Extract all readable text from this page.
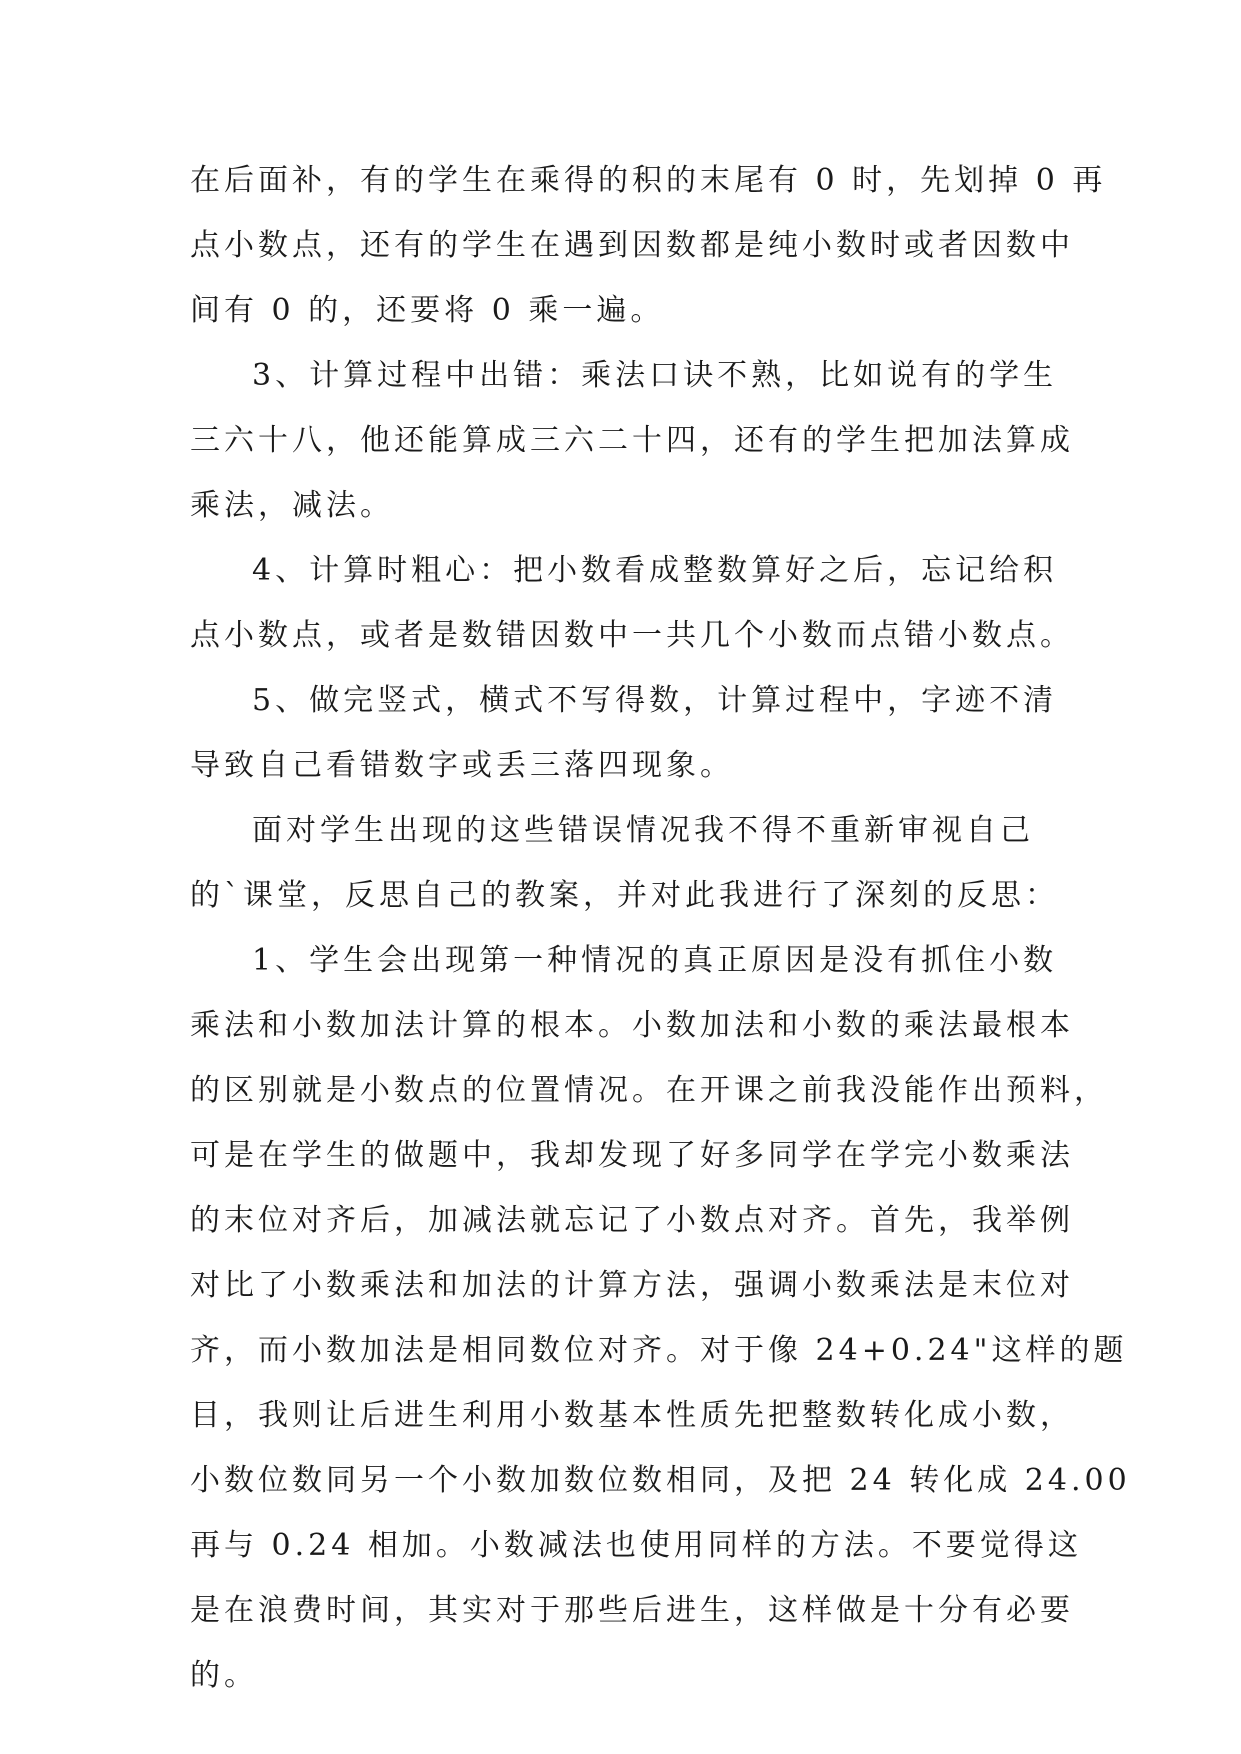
在后面补，有的学生在乘得的积的末尾有 0 时，先划掉 0 再
点小数点，还有的学生在遇到因数都是纯小数时或者因数中
间有 0 的，还要将 0 乘一遍。
3、计算过程中出错：乘法口诀不熟，比如说有的学生
三六十八，他还能算成三六二十四，还有的学生把加法算成
乘法，减法。
4、计算时粗心：把小数看成整数算好之后，忘记给积
点小数点，或者是数错因数中一共几个小数而点错小数点。
5、做完竖式，横式不写得数，计算过程中，字迹不清
导致自己看错数字或丢三落四现象。
面对学生出现的这些错误情况我不得不重新审视自己
的`课堂，反思自己的教案，并对此我进行了深刻的反思：
1、学生会出现第一种情况的真正原因是没有抓住小数
乘法和小数加法计算的根本。小数加法和小数的乘法最根本
的区别就是小数点的位置情况。在开课之前我没能作出预料，
可是在学生的做题中，我却发现了好多同学在学完小数乘法
的末位对齐后，加减法就忘记了小数点对齐。首先，我举例
对比了小数乘法和加法的计算方法，强调小数乘法是末位对
齐，而小数加法是相同数位对齐。对于像 24+0.24"这样的题
目，我则让后进生利用小数基本性质先把整数转化成小数，
小数位数同另一个小数加数位数相同，及把 24 转化成 24.00
再与 0.24 相加。小数减法也使用同样的方法。不要觉得这
是在浪费时间，其实对于那些后进生，这样做是十分有必要
的。
